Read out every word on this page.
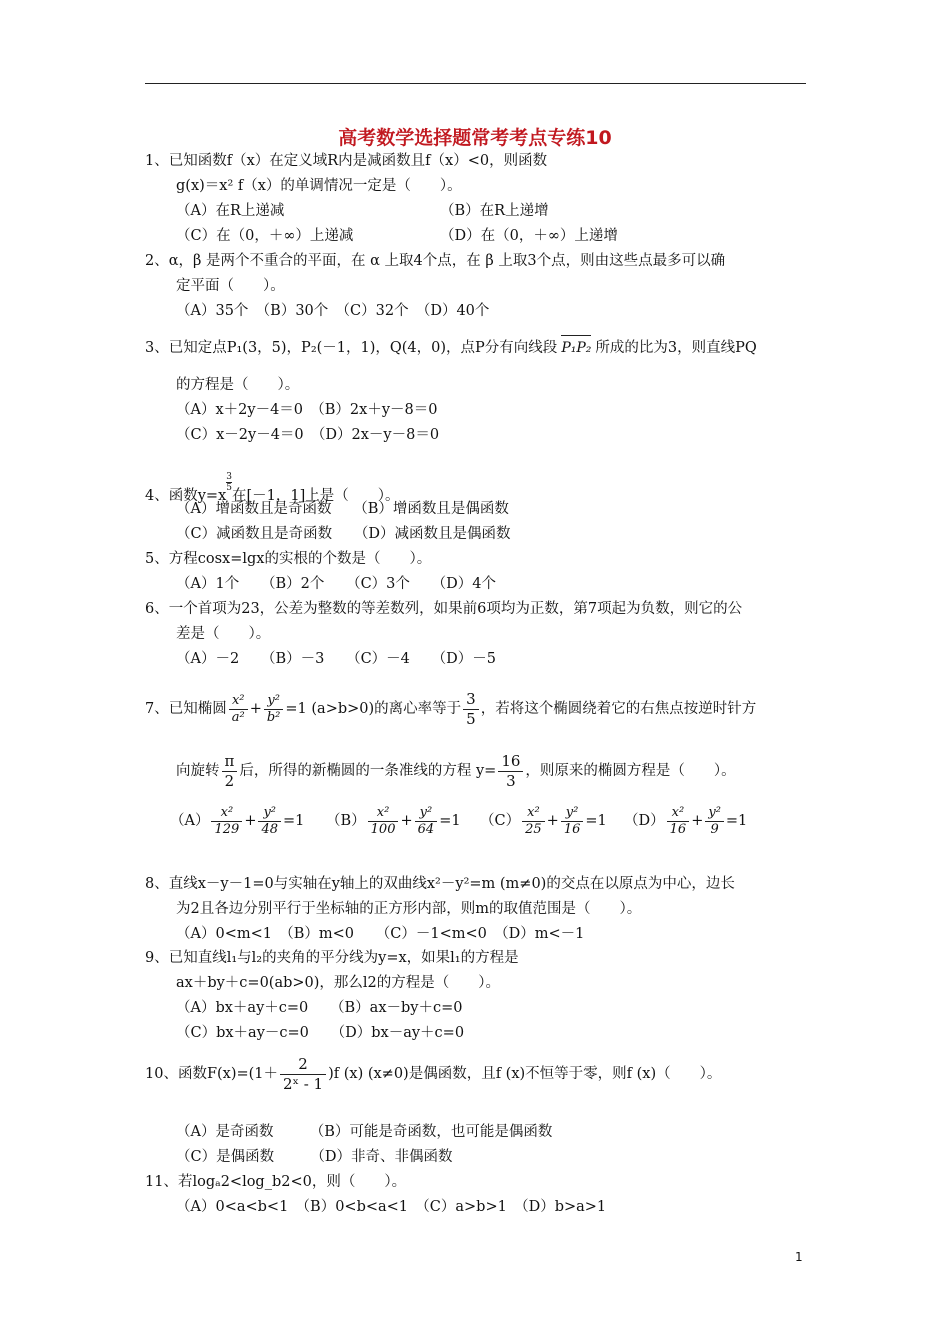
高考数学选择题常考考点专练10
1、已知函数f（x）在定义域R内是减函数且f（x）<0，则函数
g(x)＝x² f（x）的单调情况一定是（　　）。
（A）在R上递减	（B）在R上递增
（C）在（0，＋∞）上递减	（D）在（0，＋∞）上递增
2、α，β 是两个不重合的平面，在 α 上取4个点，在 β 上取3个点，则由这些点最多可以确
定平面（　　）。
（A）35个　（B）30个　（C）32个　（D）40个
3、已知定点P₁(3，5)，P₂(－1，1)，Q(4，0)，点P分有向线段 P₁P₂ 所成的比为3，则直线PQ
的方程是（　　）。
（A）x＋2y－4＝0　（B）2x＋y－8＝0
（C）x－2y－4＝0　（D）2x－y－8＝0
4、函数y=x
$\frac{3}{5}$
在[－1，1]上是（　　）。
（A）增函数且是奇函数　　（B）增函数且是偶函数
（C）减函数且是奇函数　　（D）减函数且是偶函数
5、方程cosx=lgx的实根的个数是（　　）。
（A）1个　　（B）2个　　（C）3个　　（D）4个
6、一个首项为23，公差为整数的等差数列，如果前6项均为正数，第7项起为负数，则它的公
差是（　　）。
（A）－2　　（B）－3　　（C）－4　　（D）－5
7、已知椭圆 $\frac{\text{x²}}{\text{a²}} + \frac{\text{y²}}{\text{b²}} =1$ (a>b>0)的离心率等于 $\frac{3}{5}$ ，若将这个椭圆绕着它的右焦点按逆时针方
向旋转 $\frac{\pi}{2}$ 后，所得的新椭圆的一条准线的方程 $y= \frac{16}{3}$ ，则原来的椭圆方程是（　　）。
$(A) \frac{\text{x²}}{129} + \frac{\text{y²}}{48} =1$ $(B) \frac{\text{x²}}{100} + \frac{\text{y²}}{64} =1$ $(C) \frac{\text{x²}}{25} + \frac{\text{y²}}{16} =1$ $(D) \frac{\text{x²}}{16} + \frac{\text{y²}}{9} =1$
8、直线x－y－1=0与实轴在y轴上的双曲线x²－y²=m (m≠0)的交点在以原点为中心，边长
为2且各边分别平行于坐标轴的正方形内部，则m的取值范围是（　　）。
（A）0<m<1　（B）m<0　　（C）－1<m<0　（D）m<－1
9、已知直线l₁与l₂的夹角的平分线为y=x，如果l₁的方程是
ax＋by＋c=0(ab>0)，那么l2的方程是（　　）。
（A）bx＋ay＋c=0　　（B）ax－by＋c=0
（C）bx＋ay－c=0　　（D）bx－ay＋c=0
10、函数$F(x)=(1+ \frac{2}{\text{2ˣ - 1}} )f$ (x) (x≠0)是偶函数，且f (x)不恒等于零，则f (x)（　　）。
（A）是奇函数　　　（B）可能是奇函数，也可能是偶函数
（C）是偶函数　　　（D）非奇、非偶函数
11、若logₐ2<log_b2<0，则（　　）。
（A）0<a<b<1　（B）0<b<a<1　（C）a>b>1　（D）b>a>1
1
